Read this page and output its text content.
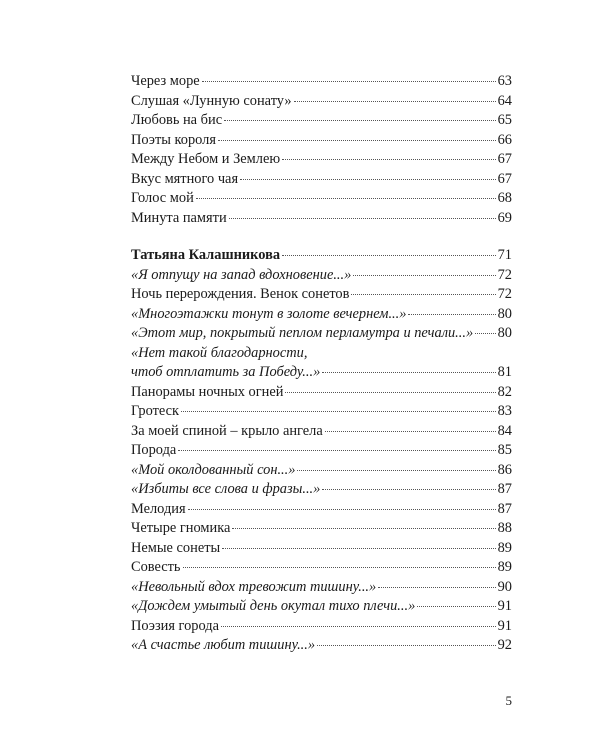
Через море	63
Слушая «Лунную сонату»	64
Любовь на бис	65
Поэты короля	66
Между Небом и Землею	67
Вкус мятного чая	67
Голос мой	68
Минута памяти	69
Татьяна Калашникова	71
«Я отпущу на запад вдохновение...»	72
Ночь перерождения. Венок сонетов	72
«Многоэтажки тонут в золоте вечернем...»	80
«Этот мир, покрытый пеплом перламутра и печали...» 80
«Нет такой благодарности,
чтоб отплатить за Победу...»	81
Панорамы ночных огней	82
Гротеск	83
За моей спиной – крыло ангела	84
Порода	85
«Мой околдованный сон...»	86
«Избиты все слова и фразы...»	87
Мелодия	87
Четыре гномика	88
Немые сонеты	89
Совесть	89
«Невольный вдох тревожит тишину...»	90
«Дождем умытый день окутал тихо плечи...»	91
Поэзия города	91
«А счастье любит тишину...»	92
5
